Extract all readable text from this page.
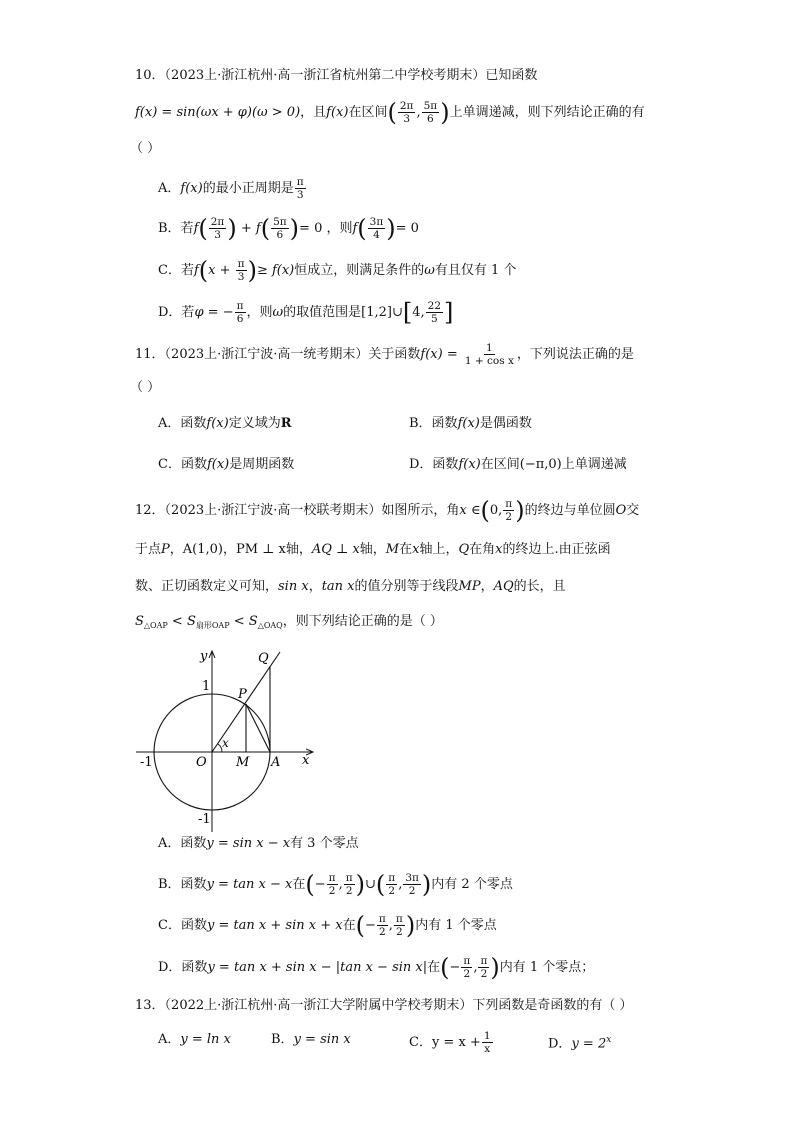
10．（2023上·浙江杭州·高一浙江省杭州第二中学校考期末）已知函数
f(x) = sin(ωx + φ)(ω > 0)，且f(x)在区间( $\frac{2\pi}{3}$ , $\frac{5\pi}{6}$ )上单调递减，则下列结论正确的有
（ ）
A．f(x)的最小正周期是 $\frac{\pi}{3}$
B．若$f( \frac{2\pi}{3}$ ) + $f( \frac{5\pi}{6}$ )= 0 ，则$f( \frac{3\pi}{4}$ )= 0
C．若$f(x + \frac{\pi}{3}$ )≥ f(x)恒成立，则满足条件的ω有且仅有 1 个
D．若φ = − $\frac{\pi}{6}$ ，则ω的取值范围是[1,2]∪[4, $\frac{22}{5}$ ]
11．（2023上·浙江宁波·高一统考期末）关于函数$f(x) = \frac{1}{\text{1 + cos x}}$ ，下列说法正确的是
（ ）
A．函数f(x)定义域为R	B．函数f(x)是偶函数
C．函数f(x)是周期函数	D．函数f(x)在区间(−π,0)上单调递减
12．（2023上·浙江宁波·高一校联考期末）如图所示，角x ∈(0, $\frac{\pi}{2}$ )的终边与单位圆O交
于点P，A(1,0)，PM ⊥ x轴，AQ ⊥ x轴，M在x轴上，Q在角x的终边上.由正弦函
数、正切函数定义可知，sin x，tan x的值分别等于线段MP，AQ的长，且
$S_{\triangle OAP} < S_{扇形OAP} < S_{\triangle OAQ}$，则下列结论正确的是（ ）
y	Q
1
P
x
-1	O M A x
-1
A．函数y = sin x − x有 3 个零点
B．函数y = tan x − x在(− $\frac{\pi}{2}$ , $\frac{\pi}{2}$ )∪( $\frac{\pi}{2}$ , $\frac{3\pi}{2}$ )内有 2 个零点
C．函数y = tan x + sin x + x在(− $\frac{\pi}{2}$ , $\frac{\pi}{2}$ )内有 1 个零点
D．函数y = tan x + sin x − |tan x − sin x|在(− $\frac{\pi}{2}$ , $\frac{\pi}{2}$ )内有 1 个零点；
13．（2022上·浙江杭州·高一浙江大学附属中学校考期末）下列函数是奇函数的有（ ）
A．y = ln x	B．y = sin x	C．$y = x + \frac{1}{x}$	D．$y = 2^x$
